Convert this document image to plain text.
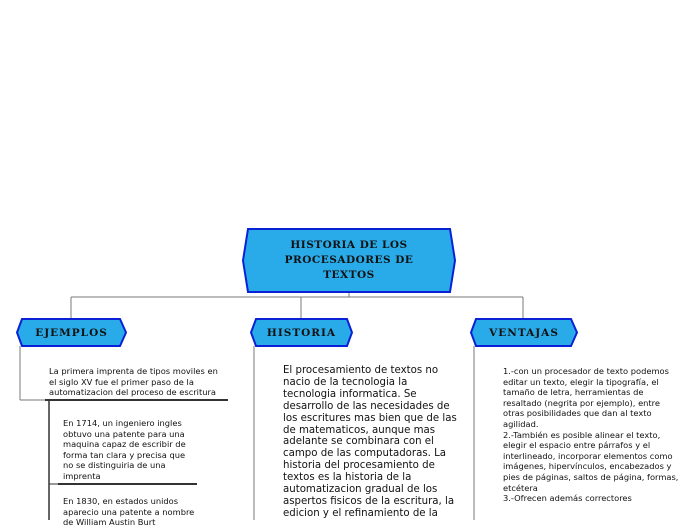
HISTORIA DE LOS PROCESADORES DE TEXTOS
EJEMPLOS	HISTORIA	VENTAJAS
La primera imprenta de tipos moviles en el siglo XV fue el primer paso de la automatizacion del proceso de escritura
En 1714, un ingeniero ingles obtuvo una patente para una maquina capaz de escribir de forma tan clara y precisa que no se distinguiria de una imprenta
En 1830, en estados unidos aparecio una patente a nombre de William Austin Burt
El procesamiento de textos no nacio de la tecnologia la tecnologia informatica. Se desarrollo de las necesidades de los escritures mas bien que de las de matematicos, aunque mas adelante se combinara con el campo de las computadoras. La historia del procesamiento de textos es la historia de la automatizacion gradual de los aspertos fisicos de la escritura, la edicion y el refinamiento de la
1.-con un procesador de texto podemos editar un texto, elegir la tipografía, el tamaño de letra, herramientas de resaltado (negrita por ejemplo), entre otras posibilidades que dan al texto agilidad.
2.-También es posible alinear el texto, elegir el espacio entre párrafos y el interlineado, incorporar elementos como imágenes, hipervínculos, encabezados y pies de páginas, saltos de página, formas, etcétera
3.-Ofrecen además correctores
